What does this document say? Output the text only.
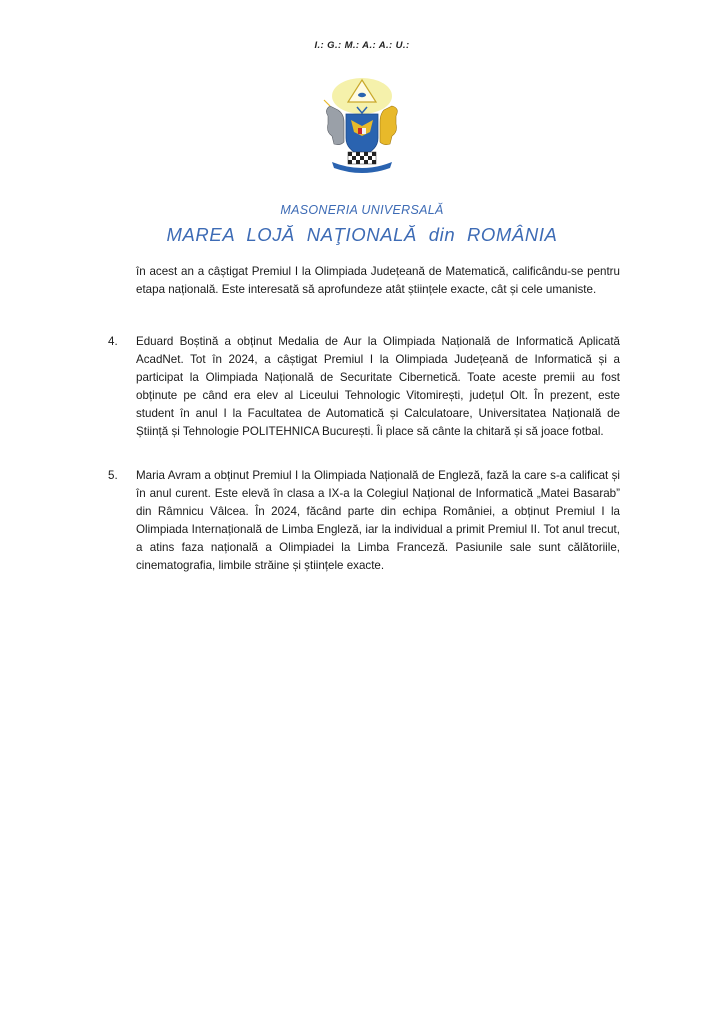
I.: G.: M.: A.: A.: U.:
MASONERIA UNIVERSALĂ
MAREA LOJĂ NAŢIONALĂ din ROMÂNIA
în acest an a câștigat Premiul I la Olimpiada Județeană de Matematică, calificându-se pentru etapa națională. Este interesată să aprofundeze atât științele exacte, cât și cele umaniste.
4.	Eduard Boștină a obținut Medalia de Aur la Olimpiada Națională de Informatică Aplicată AcadNet. Tot în 2024, a câștigat Premiul I la Olimpiada Județeană de Informatică și a participat la Olimpiada Națională de Securitate Cibernetică. Toate aceste premii au fost obținute pe când era elev al Liceului Tehnologic Vitomirești, județul Olt. În prezent, este student în anul I la Facultatea de Automatică și Calculatoare, Universitatea Națională de Știință și Tehnologie POLITEHNICA București. Îi place să cânte la chitară și să joace fotbal.
5.	Maria Avram a obținut Premiul I la Olimpiada Națională de Engleză, fază la care s-a calificat și în anul curent. Este elevă în clasa a IX-a la Colegiul Național de Informatică „Matei Basarab” din Râmnicu Vâlcea. În 2024, făcând parte din echipa României, a obținut Premiul I la Olimpiada Internațională de Limba Engleză, iar la individual a primit Premiul II. Tot anul trecut, a atins faza națională a Olimpiadei la Limba Franceză. Pasiunile sale sunt călătoriile, cinematografia, limbile străine și științele exacte.
